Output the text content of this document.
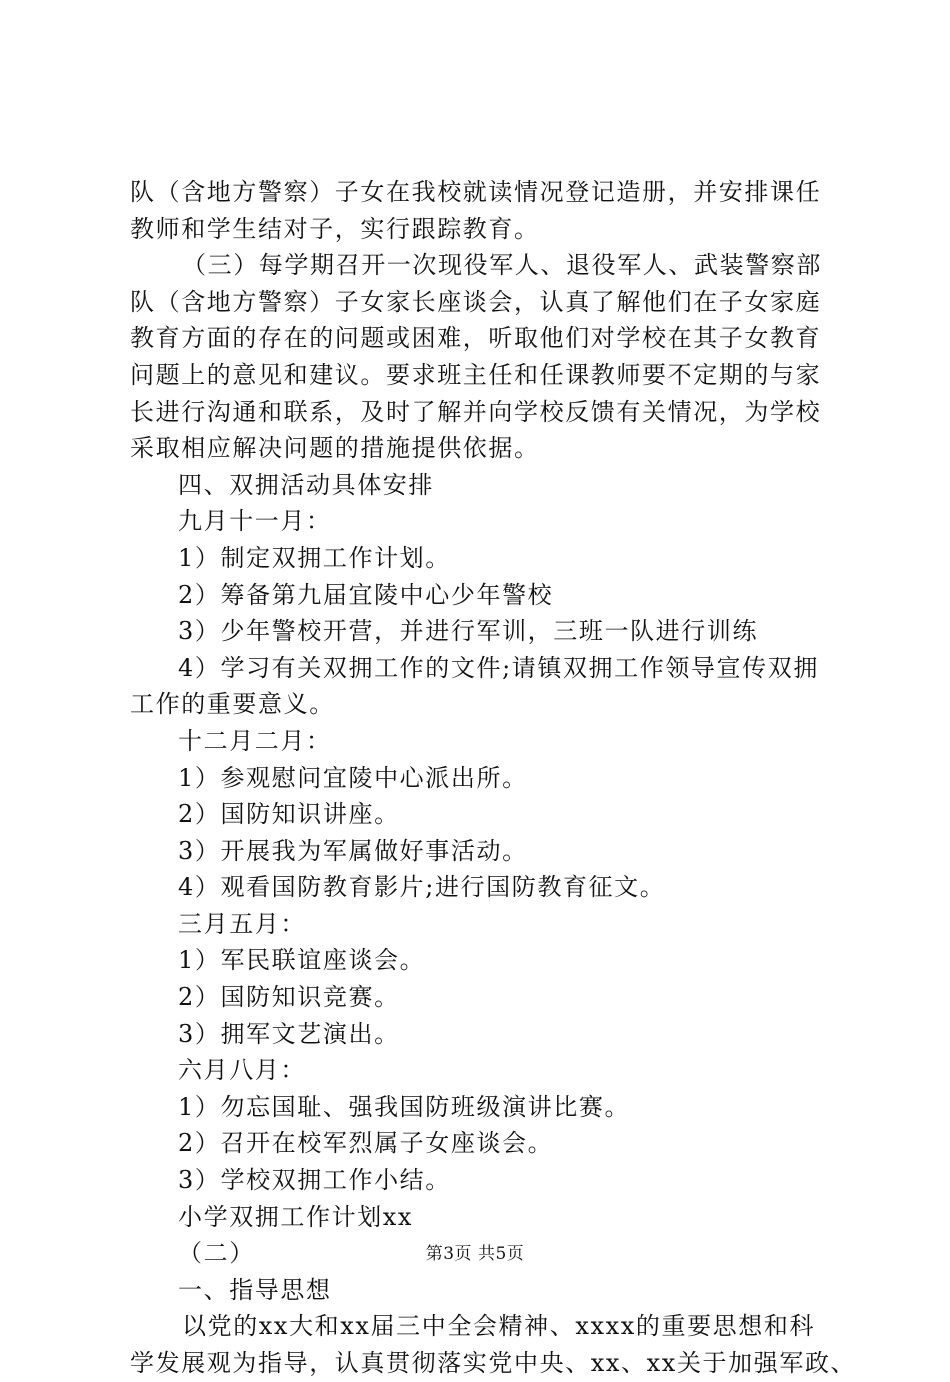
队（含地方警察）子女在我校就读情况登记造册，并安排课任
教师和学生结对子，实行跟踪教育。
（三）每学期召开一次现役军人、退役军人、武装警察部
队（含地方警察）子女家长座谈会，认真了解他们在子女家庭
教育方面的存在的问题或困难，听取他们对学校在其子女教育
问题上的意见和建议。要求班主任和任课教师要不定期的与家
长进行沟通和联系，及时了解并向学校反馈有关情况，为学校
采取相应解决问题的措施提供依据。
四、双拥活动具体安排
九月十一月：
1）制定双拥工作计划。
2）筹备第九届宜陵中心少年警校
3）少年警校开营，并进行军训，三班一队进行训练
4）学习有关双拥工作的文件;请镇双拥工作领导宣传双拥
工作的重要意义。
十二月二月：
1）参观慰问宜陵中心派出所。
2）国防知识讲座。
3）开展我为军属做好事活动。
4）观看国防教育影片;进行国防教育征文。
三月五月：
1）军民联谊座谈会。
2）国防知识竞赛。
3）拥军文艺演出。
六月八月：
1）勿忘国耻、强我国防班级演讲比赛。
2）召开在校军烈属子女座谈会。
3）学校双拥工作小结。
小学双拥工作计划xx
（二）
一、指导思想
以党的xx大和xx届三中全会精神、xxxx的重要思想和科
学发展观为指导，认真贯彻落实党中央、xx、xx关于加强军政、
第3页 共5页
